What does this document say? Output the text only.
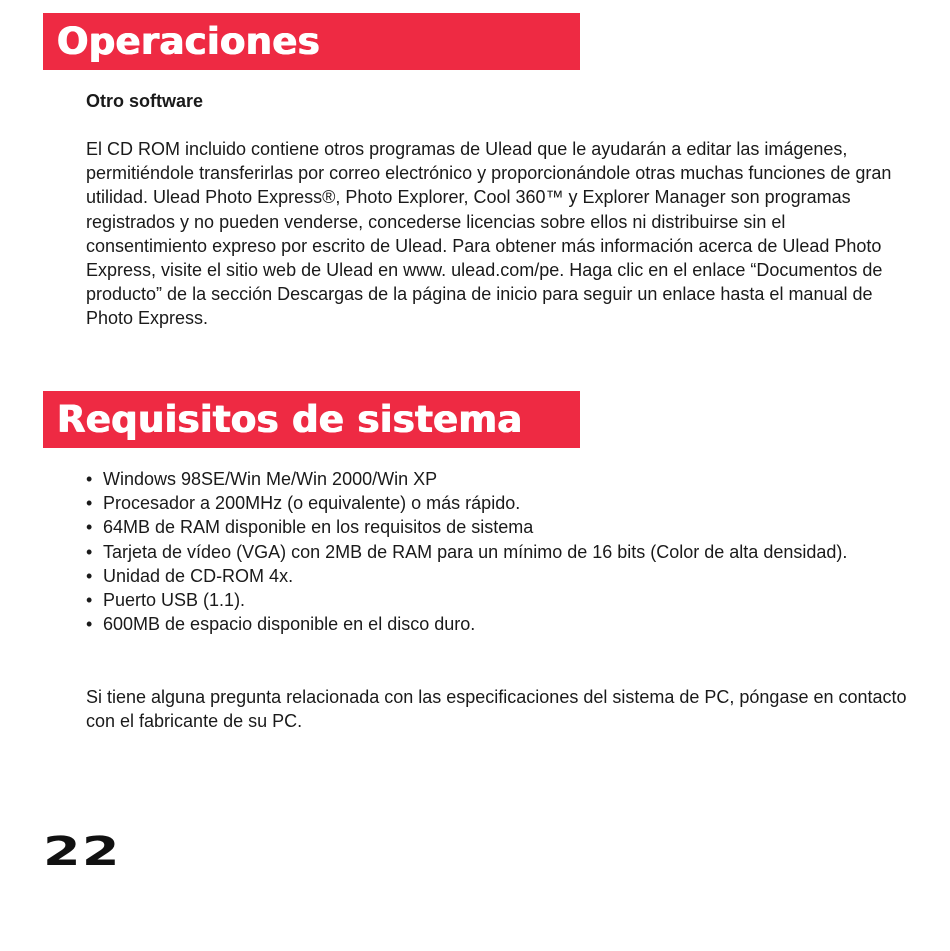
Operaciones
Otro software

El CD ROM incluido contiene otros programas de Ulead que le ayudarán a editar las imágenes, permitiéndole transferirlas por correo electrónico y proporcionándole otras muchas funciones de gran utilidad. Ulead Photo Express®, Photo Explorer, Cool 360™ y Explorer Manager son programas registrados y no pueden venderse, concederse licencias sobre ellos ni distribuirse sin el consentimiento expreso por escrito de Ulead. Para obtener más información acerca de Ulead Photo Express, visite el sitio web de Ulead en www. ulead.com/pe. Haga clic en el enlace “Documentos de producto” de la sección Descargas de la página de inicio para seguir un enlace hasta el manual de Photo Express.

Requisitos de sistema
• Windows 98SE/Win Me/Win 2000/Win XP
• Procesador a 200MHz (o equivalente) o más rápido.
• 64MB de RAM disponible en los requisitos de sistema
• Tarjeta de vídeo (VGA) con 2MB de RAM para un mínimo de 16 bits (Color de alta densidad).
• Unidad de CD-ROM 4x.
• Puerto USB (1.1).
• 600MB de espacio disponible en el disco duro.

Si tiene alguna pregunta relacionada con las especificaciones del sistema de PC, póngase en contacto con el fabricante de su PC.

22
